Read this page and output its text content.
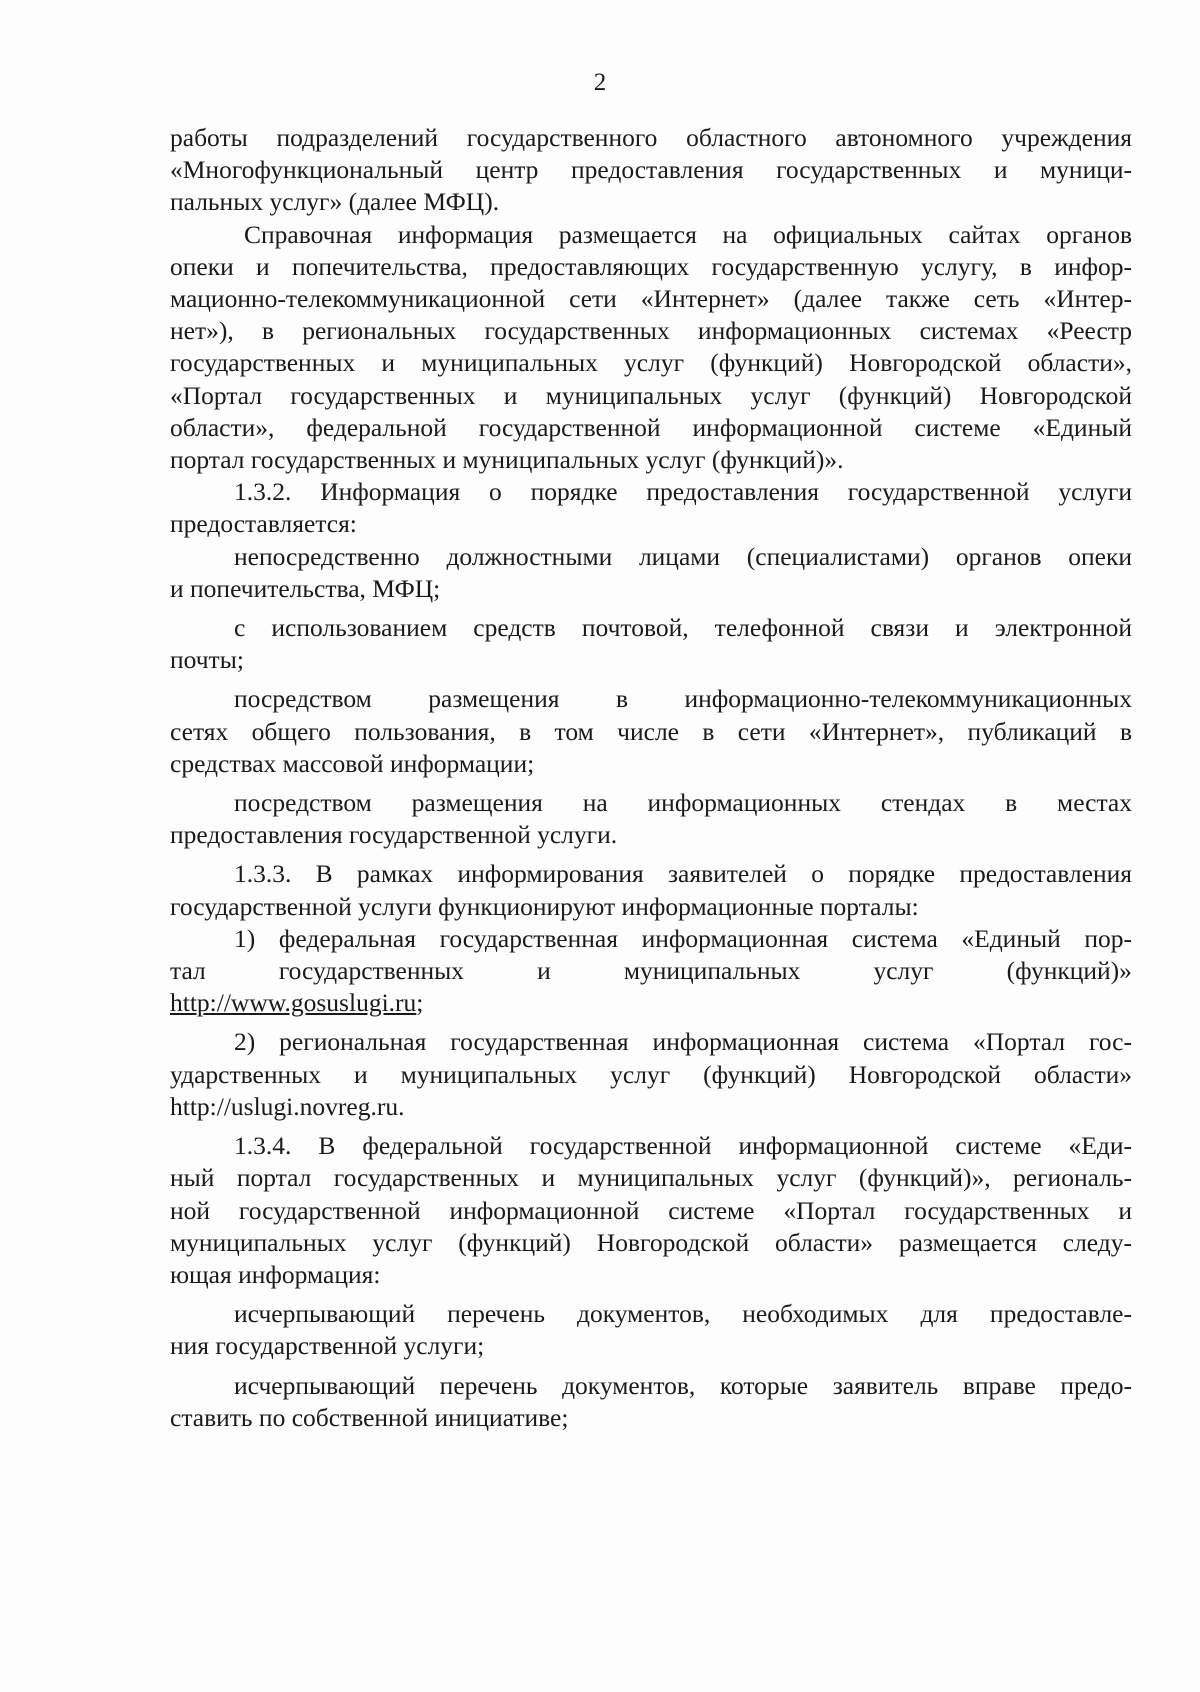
2

работы подразделений государственного областного автономного учреждения

«Многофункциональный центр предоставления государственных и муници-

пальных услуг» (далее МФЦ).

Справочная информация размещается на официальных сайтах органов

опеки и попечительства, предоставляющих государственную услугу, в инфор-

мационно-телекоммуникационной сети «Интернет» (далее также сеть «Интер-

нет»), в региональных государственных информационных системах «Реестр

государственных и муниципальных услуг (функций) Новгородской области»,

«Портал государственных и муниципальных услуг (функций) Новгородской

области», федеральной государственной информационной системе «Единый

портал государственных и муниципальных услуг (функций)».

1.3.2. Информация о порядке предоставления государственной услуги

предоставляется:

непосредственно должностными лицами (специалистами) органов опеки

и попечительства, МФЦ;

с использованием средств почтовой, телефонной связи и электронной

почты;

посредством размещения в информационно-телекоммуникационных

сетях общего пользования, в том числе в сети «Интернет», публикаций в

средствах массовой информации;

посредством размещения на информационных стендах в местах

предоставления государственной услуги.

1.3.3. В рамках информирования заявителей о порядке предоставления

государственной услуги функционируют информационные порталы:

1) федеральная государственная информационная система «Единый пор-

тал	государственных	и	муниципальных	услуг	(функций)»

http://www.gosuslugi.ru;

2) региональная государственная информационная система «Портал гос-

ударственных и муниципальных услуг (функций) Новгородской области»

http://uslugi.novreg.ru.

1.3.4. В федеральной государственной информационной системе «Еди-

ный портал государственных и муниципальных услуг (функций)», региональ-

ной государственной информационной системе «Портал государственных и

муниципальных услуг (функций) Новгородской области» размещается следу-

ющая информация:

исчерпывающий перечень документов, необходимых для предоставле-

ния государственной услуги;

исчерпывающий перечень документов, которые заявитель вправе предо-

ставить по собственной инициативе;
